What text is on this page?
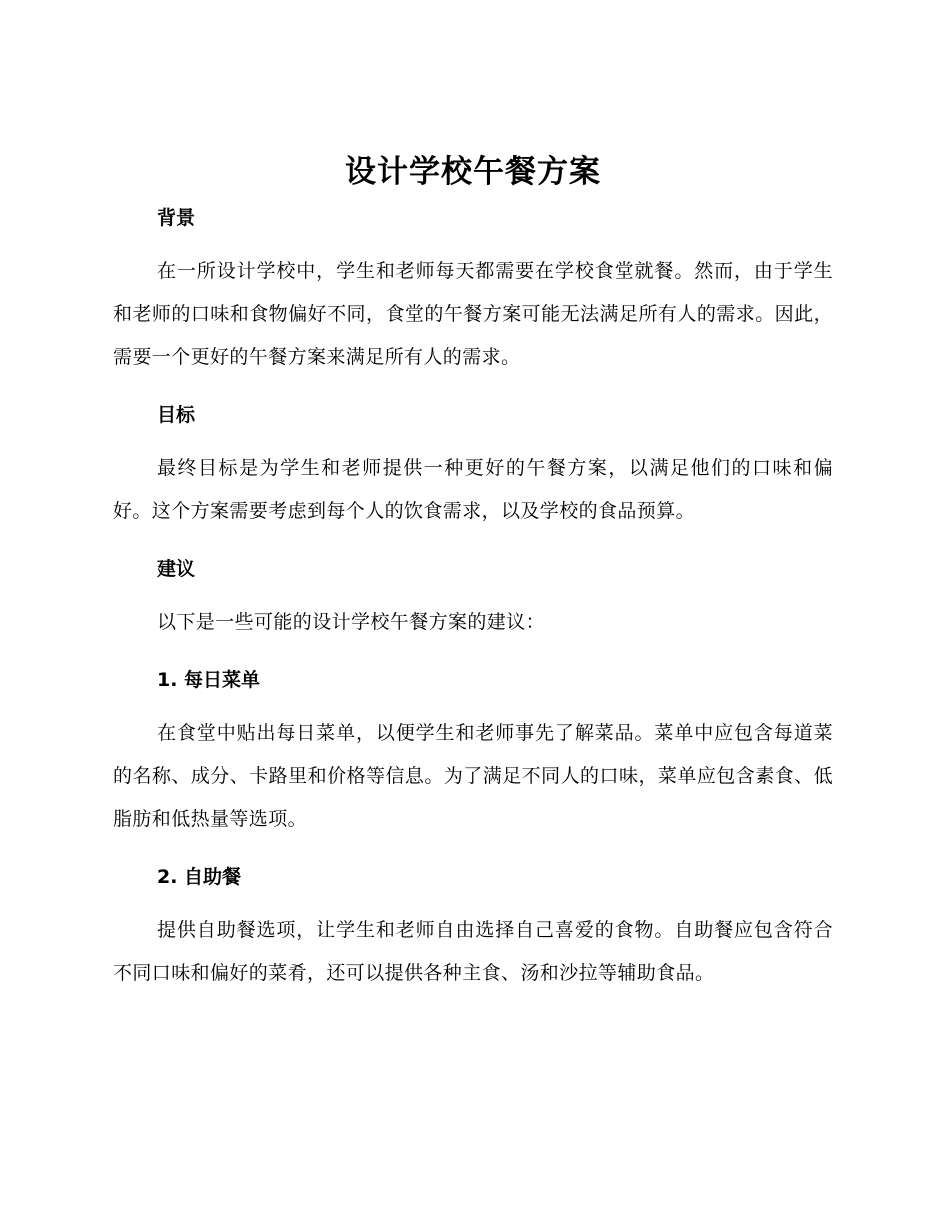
设计学校午餐方案
背景

在一所设计学校中，学生和老师每天都需要在学校食堂就餐。然而，由于学生和老师的口味和食物偏好不同，食堂的午餐方案可能无法满足所有人的需求。因此，需要一个更好的午餐方案来满足所有人的需求。

目标

最终目标是为学生和老师提供一种更好的午餐方案，以满足他们的口味和偏好。这个方案需要考虑到每个人的饮食需求，以及学校的食品预算。

建议

以下是一些可能的设计学校午餐方案的建议：

1. 每日菜单

在食堂中贴出每日菜单，以便学生和老师事先了解菜品。菜单中应包含每道菜的名称、成分、卡路里和价格等信息。为了满足不同人的口味，菜单应包含素食、低脂肪和低热量等选项。

2. 自助餐

提供自助餐选项，让学生和老师自由选择自己喜爱的食物。自助餐应包含符合不同口味和偏好的菜肴，还可以提供各种主食、汤和沙拉等辅助食品。
